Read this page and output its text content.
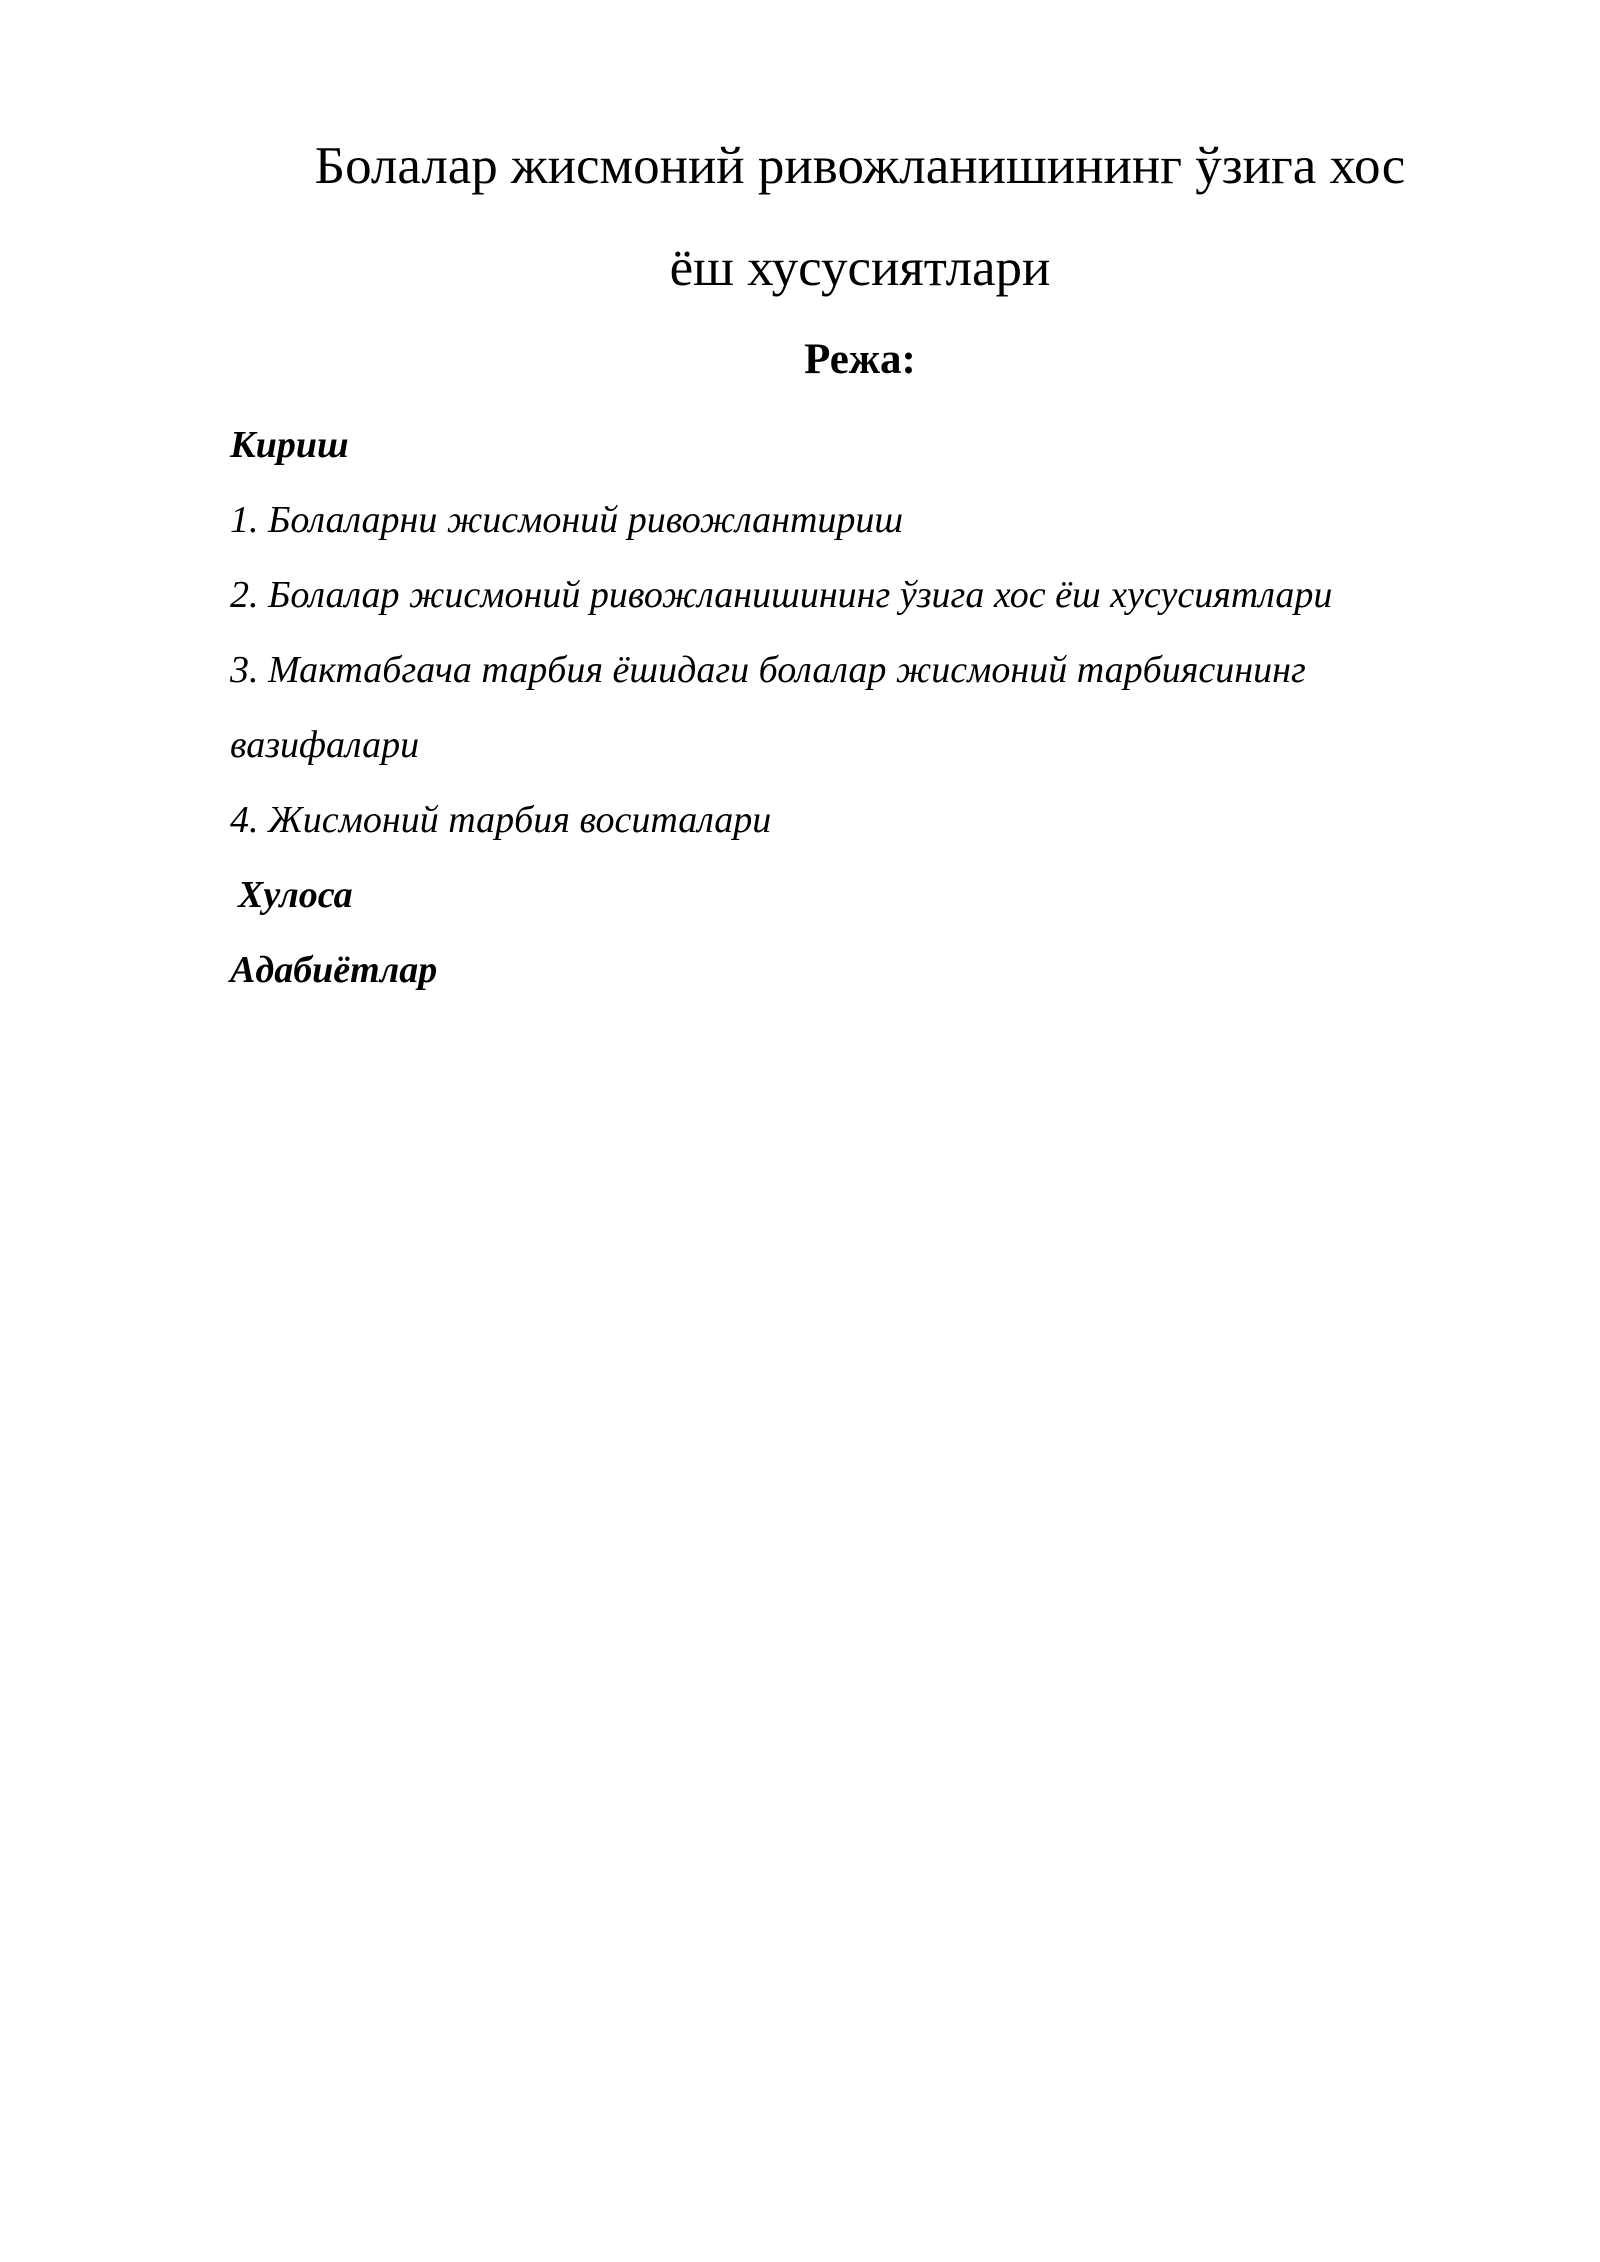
Болалар жисмоний ривожланишининг ўзига хос
ёш хусусиятлари
Режа:

Кириш

1. Болаларни жисмоний ривожлантириш

2. Болалар жисмоний ривожланишининг ўзига хос ёш хусусиятлари

3. Мактабгача тарбия ёшидаги болалар жисмоний тарбиясининг

вазифалари

4. Жисмоний тарбия воситалари

Хулоса

Адабиётлар
